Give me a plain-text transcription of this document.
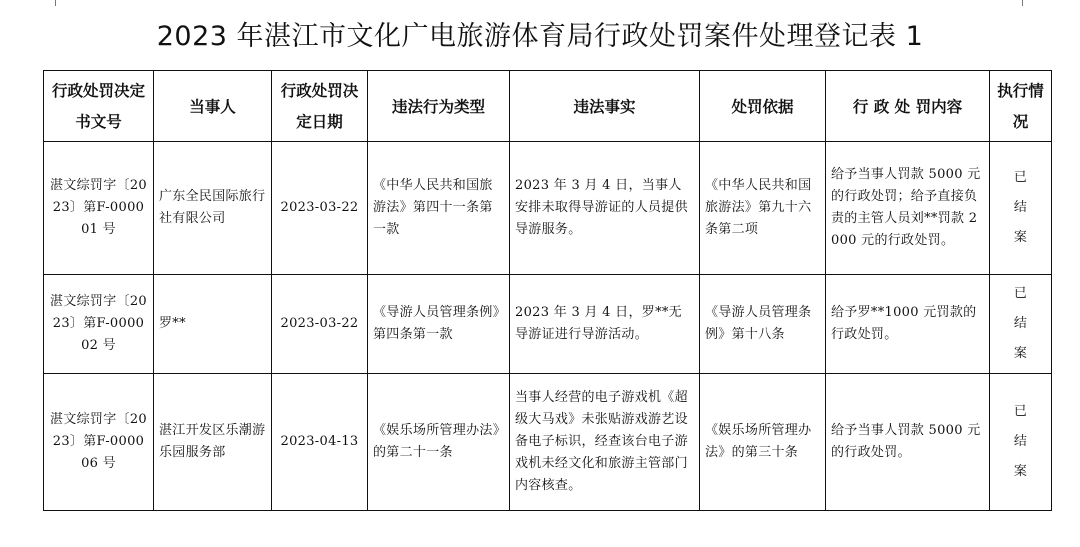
2023 年湛江市文化广电旅游体育局行政处罚案件处理登记表 1
行政处罚决定书文号	当事人	行政处罚决定日期	违法行为类型	违法事实	处罚依据	行 政 处 罚内容	执行情况
湛文综罚字〔2023〕第F-000001 号	广东全民国际旅行社有限公司	2023-03-22	《中华人民共和国旅游法》第四十一条第一款	2023 年 3 月 4 日，当事人安排未取得导游证的人员提供导游服务。	《中华人民共和国旅游法》第九十六条第二项	给予当事人罚款 5000 元的行政处罚；给予直接负责的主管人员刘**罚款 2000 元的行政处罚。	已结案
湛文综罚字〔2023〕第F-000002 号	罗**	2023-03-22	《导游人员管理条例》第四条第一款	2023 年 3 月 4 日，罗**无导游证进行导游活动。	《导游人员管理条例》第十八条	给予罗**1000 元罚款的行政处罚。	已结案
湛文综罚字〔2023〕第F-000006 号	湛江开发区乐潮游乐园服务部	2023-04-13	《娱乐场所管理办法》的第二十一条	当事人经营的电子游戏机《超级大马戏》未张贴游戏游艺设备电子标识，经查该台电子游戏机未经文化和旅游主管部门内容核查。	《娱乐场所管理办法》的第三十条	给予当事人罚款 5000 元的行政处罚。	已结案
